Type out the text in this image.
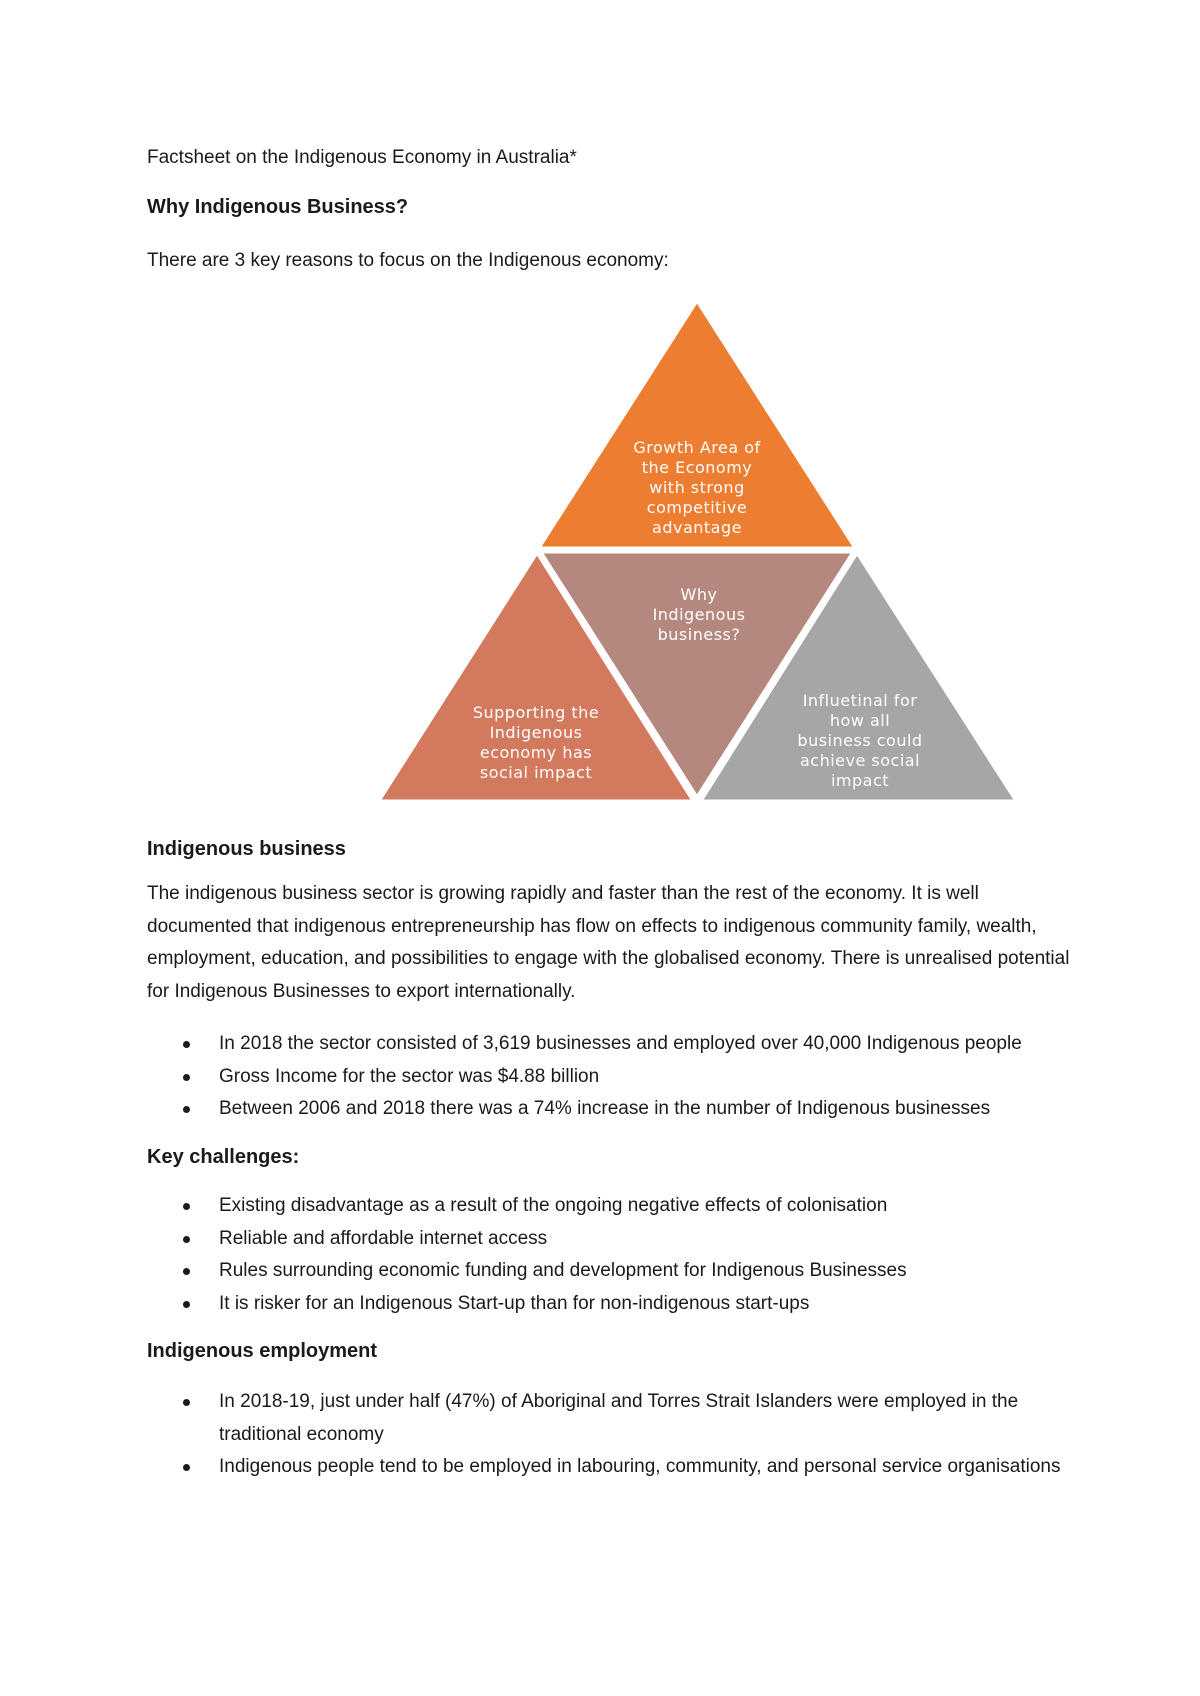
Factsheet on the Indigenous Economy in Australia*
Why Indigenous Business?
There are 3 key reasons to focus on the Indigenous economy:
Growth Area of the Economy with strong competitive advantage
Why Indigenous business?
Supporting the Indigenous economy has social impact
Influetinal for how all business could achieve social impact
Indigenous business
The indigenous business sector is growing rapidly and faster than the rest of the economy. It is well documented that indigenous entrepreneurship has flow on effects to indigenous community family, wealth, employment, education, and possibilities to engage with the globalised economy. There is unrealised potential for Indigenous Businesses to export internationally.
In 2018 the sector consisted of 3,619 businesses and employed over 40,000 Indigenous people
Gross Income for the sector was $4.88 billion
Between 2006 and 2018 there was a 74% increase in the number of Indigenous businesses
Key challenges:
Existing disadvantage as a result of the ongoing negative effects of colonisation
Reliable and affordable internet access
Rules surrounding economic funding and development for Indigenous Businesses
It is risker for an Indigenous Start-up than for non-indigenous start-ups
Indigenous employment
In 2018-19, just under half (47%) of Aboriginal and Torres Strait Islanders were employed in the traditional economy
Indigenous people tend to be employed in labouring, community, and personal service organisations
